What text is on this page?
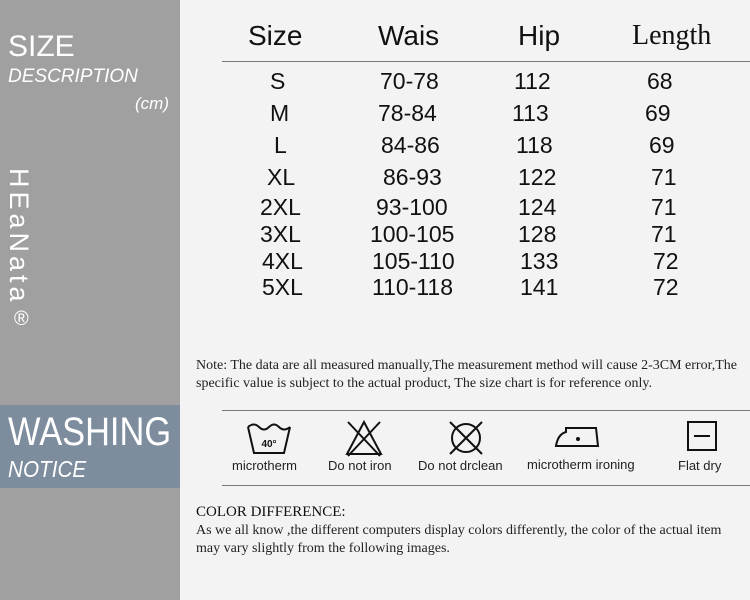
SIZE
DESCRIPTION
(cm)
HEaNata
®
WASHING
NOTICE
Size	Wais	Hip	Length
S	70-78	112	68
M	78-84	113	69
L	84-86	118	69
XL	86-93	122	71
2XL	93-100	124	71
3XL	100-105	128	71
4XL	105-110	133	72
5XL	110-118	141	72
Note: The data are all measured manually,The measurement method will cause 2-3CM error,The specific value is subject to the actual product, The size chart is for reference only.
40°
microtherm Do not iron Do not drclean microtherm ironing	Flat dry
COLOR DIFFERENCE:
As we all know ,the different computers display colors differently, the color of the actual item
may vary slightly from the following images.
